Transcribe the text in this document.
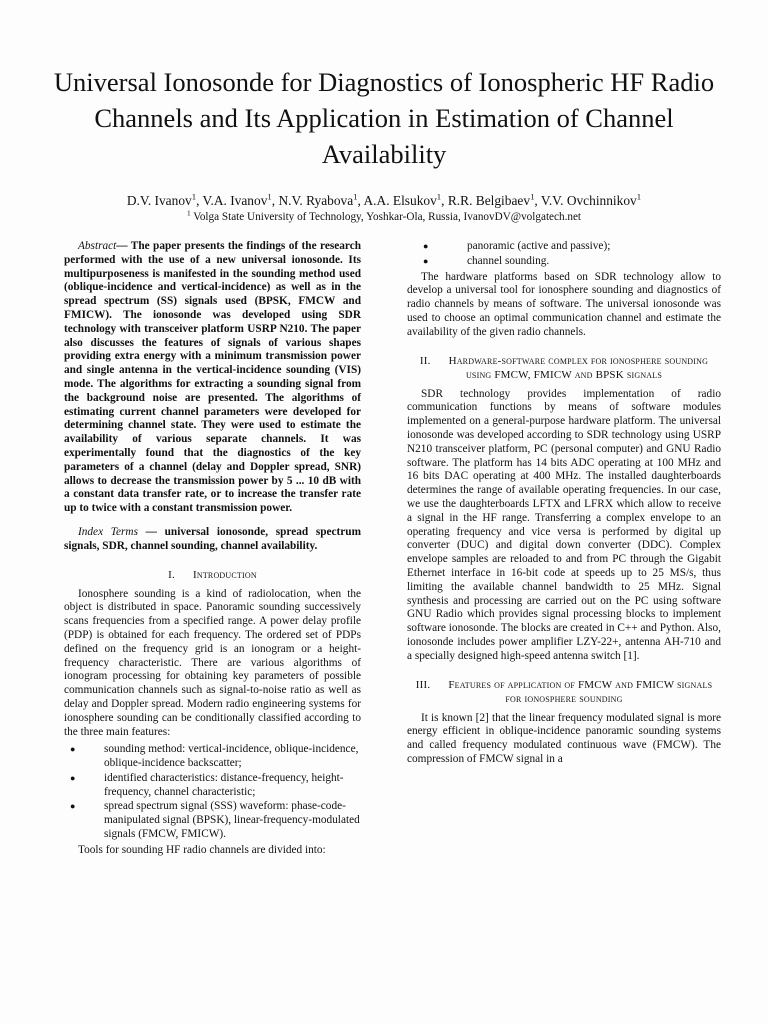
Universal Ionosonde for Diagnostics of Ionospheric HF Radio Channels and Its Application in Estimation of Channel Availability
D.V. Ivanov$^1$, V.A. Ivanov$^1$, N.V. Ryabova$^1$, A.A. Elsukov$^1$, R.R. Belgibaev$^1$, V.V. Ovchinnikov$^1$
$^1$ Volga State University of Technology, Yoshkar-Ola, Russia, IvanovDV@volgatech.net

Abstract— The paper presents the findings of the research performed with the use of a new universal ionosonde. Its multipurposeness is manifested in the sounding method used (oblique-incidence and vertical-incidence) as well as in the spread spectrum (SS) signals used (BPSK, FMCW and FMICW). The ionosonde was developed using SDR technology with transceiver platform USRP N210. The paper also discusses the features of signals of various shapes providing extra energy with a minimum transmission power and single antenna in the vertical-incidence sounding (VIS) mode. The algorithms for extracting a sounding signal from the background noise are presented. The algorithms of estimating current channel parameters were developed for determining channel state. They were used to estimate the availability of various separate channels. It was experimentally found that the diagnostics of the key parameters of a channel (delay and Doppler spread, SNR) allows to decrease the transmission power by 5 ... 10 dB with a constant data transfer rate, or to increase the transfer rate up to twice with a constant transmission power.

Index Terms — universal ionosonde, spread spectrum signals, SDR, channel sounding, channel availability.

I. Introduction

Ionosphere sounding is a kind of radiolocation, when the object is distributed in space. Panoramic sounding successively scans frequencies from a specified range. A power delay profile (PDP) is obtained for each frequency. The ordered set of PDPs defined on the frequency grid is an ionogram or a height-frequency characteristic. There are various algorithms of ionogram processing for obtaining key parameters of possible communication channels such as signal-to-noise ratio as well as delay and Doppler spread. Modern radio engineering systems for ionosphere sounding can be conditionally classified according to the three main features:

●	sounding method: vertical-incidence, oblique-incidence, oblique-incidence backscatter;
●	identified characteristics: distance-frequency, height-frequency, channel characteristic;
●	spread spectrum signal (SSS) waveform: phase-code-manipulated signal (BPSK), linear-frequency-modulated signals (FMCW, FMICW).

Tools for sounding HF radio channels are divided into:

●	panoramic (active and passive);
●	channel sounding.

The hardware platforms based on SDR technology allow to develop a universal tool for ionosphere sounding and diagnostics of radio channels by means of software. The universal ionosonde was used to choose an optimal communication channel and estimate the availability of the given radio channels.

II. Hardware-software complex for ionosphere sounding using FMCW, FMICW and BPSK signals

SDR technology provides implementation of radio communication functions by means of software modules implemented on a general-purpose hardware platform. The universal ionosonde was developed according to SDR technology using USRP N210 transceiver platform, PC (personal computer) and GNU Radio software. The platform has 14 bits ADC operating at 100 MHz and 16 bits DAC operating at 400 MHz. The installed daughterboards determines the range of available operating frequencies. In our case, we use the daughterboards LFTX and LFRX which allow to receive a signal in the HF range. Transferring a complex envelope to an operating frequency and vice versa is performed by digital up converter (DUC) and digital down converter (DDC). Complex envelope samples are reloaded to and from PC through the Gigabit Ethernet interface in 16-bit code at speeds up to 25 MS/s, thus limiting the available channel bandwidth to 25 MHz. Signal synthesis and processing are carried out on the PC using software GNU Radio which provides signal processing blocks to implement software ionosonde. The blocks are created in C++ and Python. Also, ionosonde includes power amplifier LZY-22+, antenna AH-710 and a specially designed high-speed antenna switch [1].

III. Features of application of FMCW and FMICW signals for ionosphere sounding

It is known [2] that the linear frequency modulated signal is more energy efficient in oblique-incidence panoramic sounding systems and called frequency modulated continuous wave (FMCW). The compression of FMCW signal in a
